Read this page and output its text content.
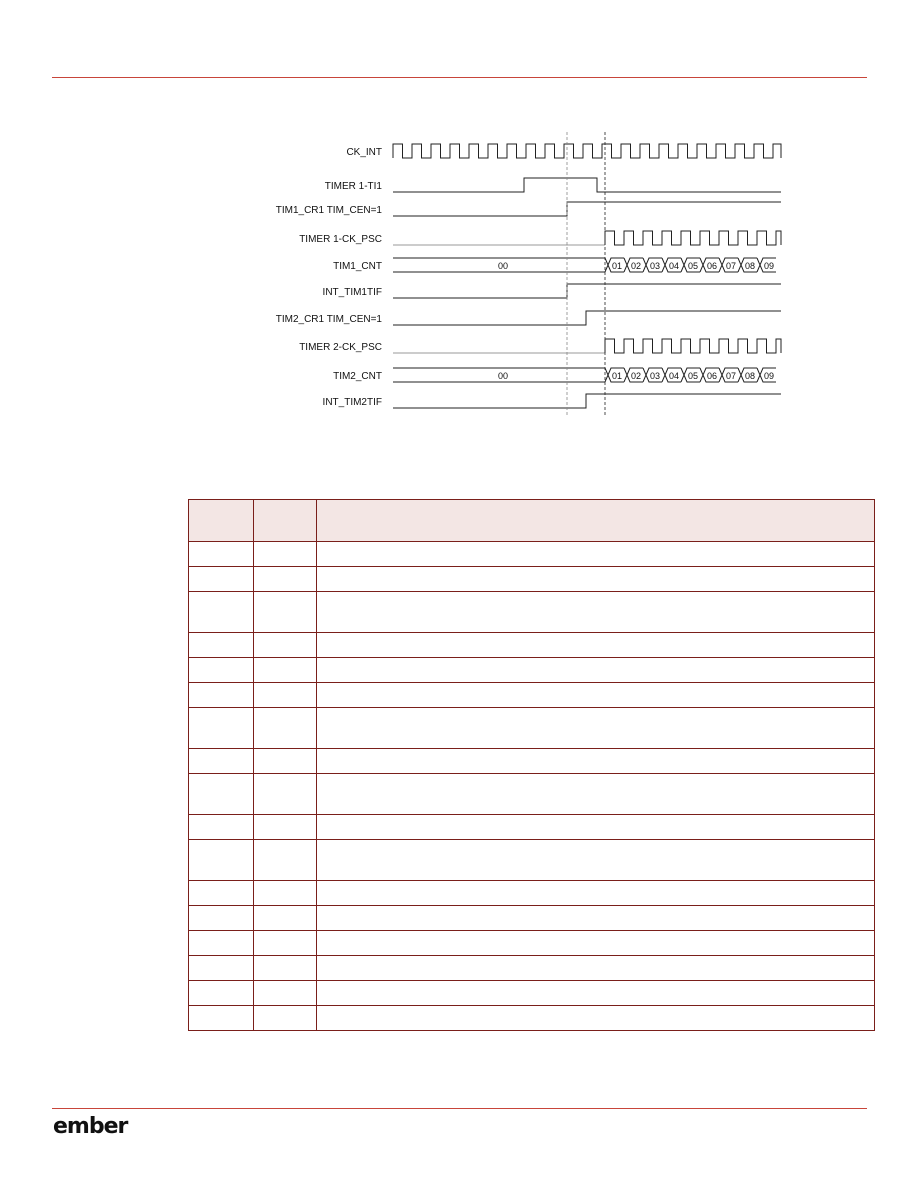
CK_INT
TIMER 1-TI1
TIM1_CR1 TIM_CEN=1
TIMER 1-CK_PSC
TIM1_CNT
INT_TIM1TIF
TIM2_CR1 TIM_CEN=1
TIMER 2-CK_PSC
TIM2_CNT
INT_TIM2TIF
00	01 02 03 04 05 06 07 08 09
00	01 02 03 04 05 06 07 08 09

ember
